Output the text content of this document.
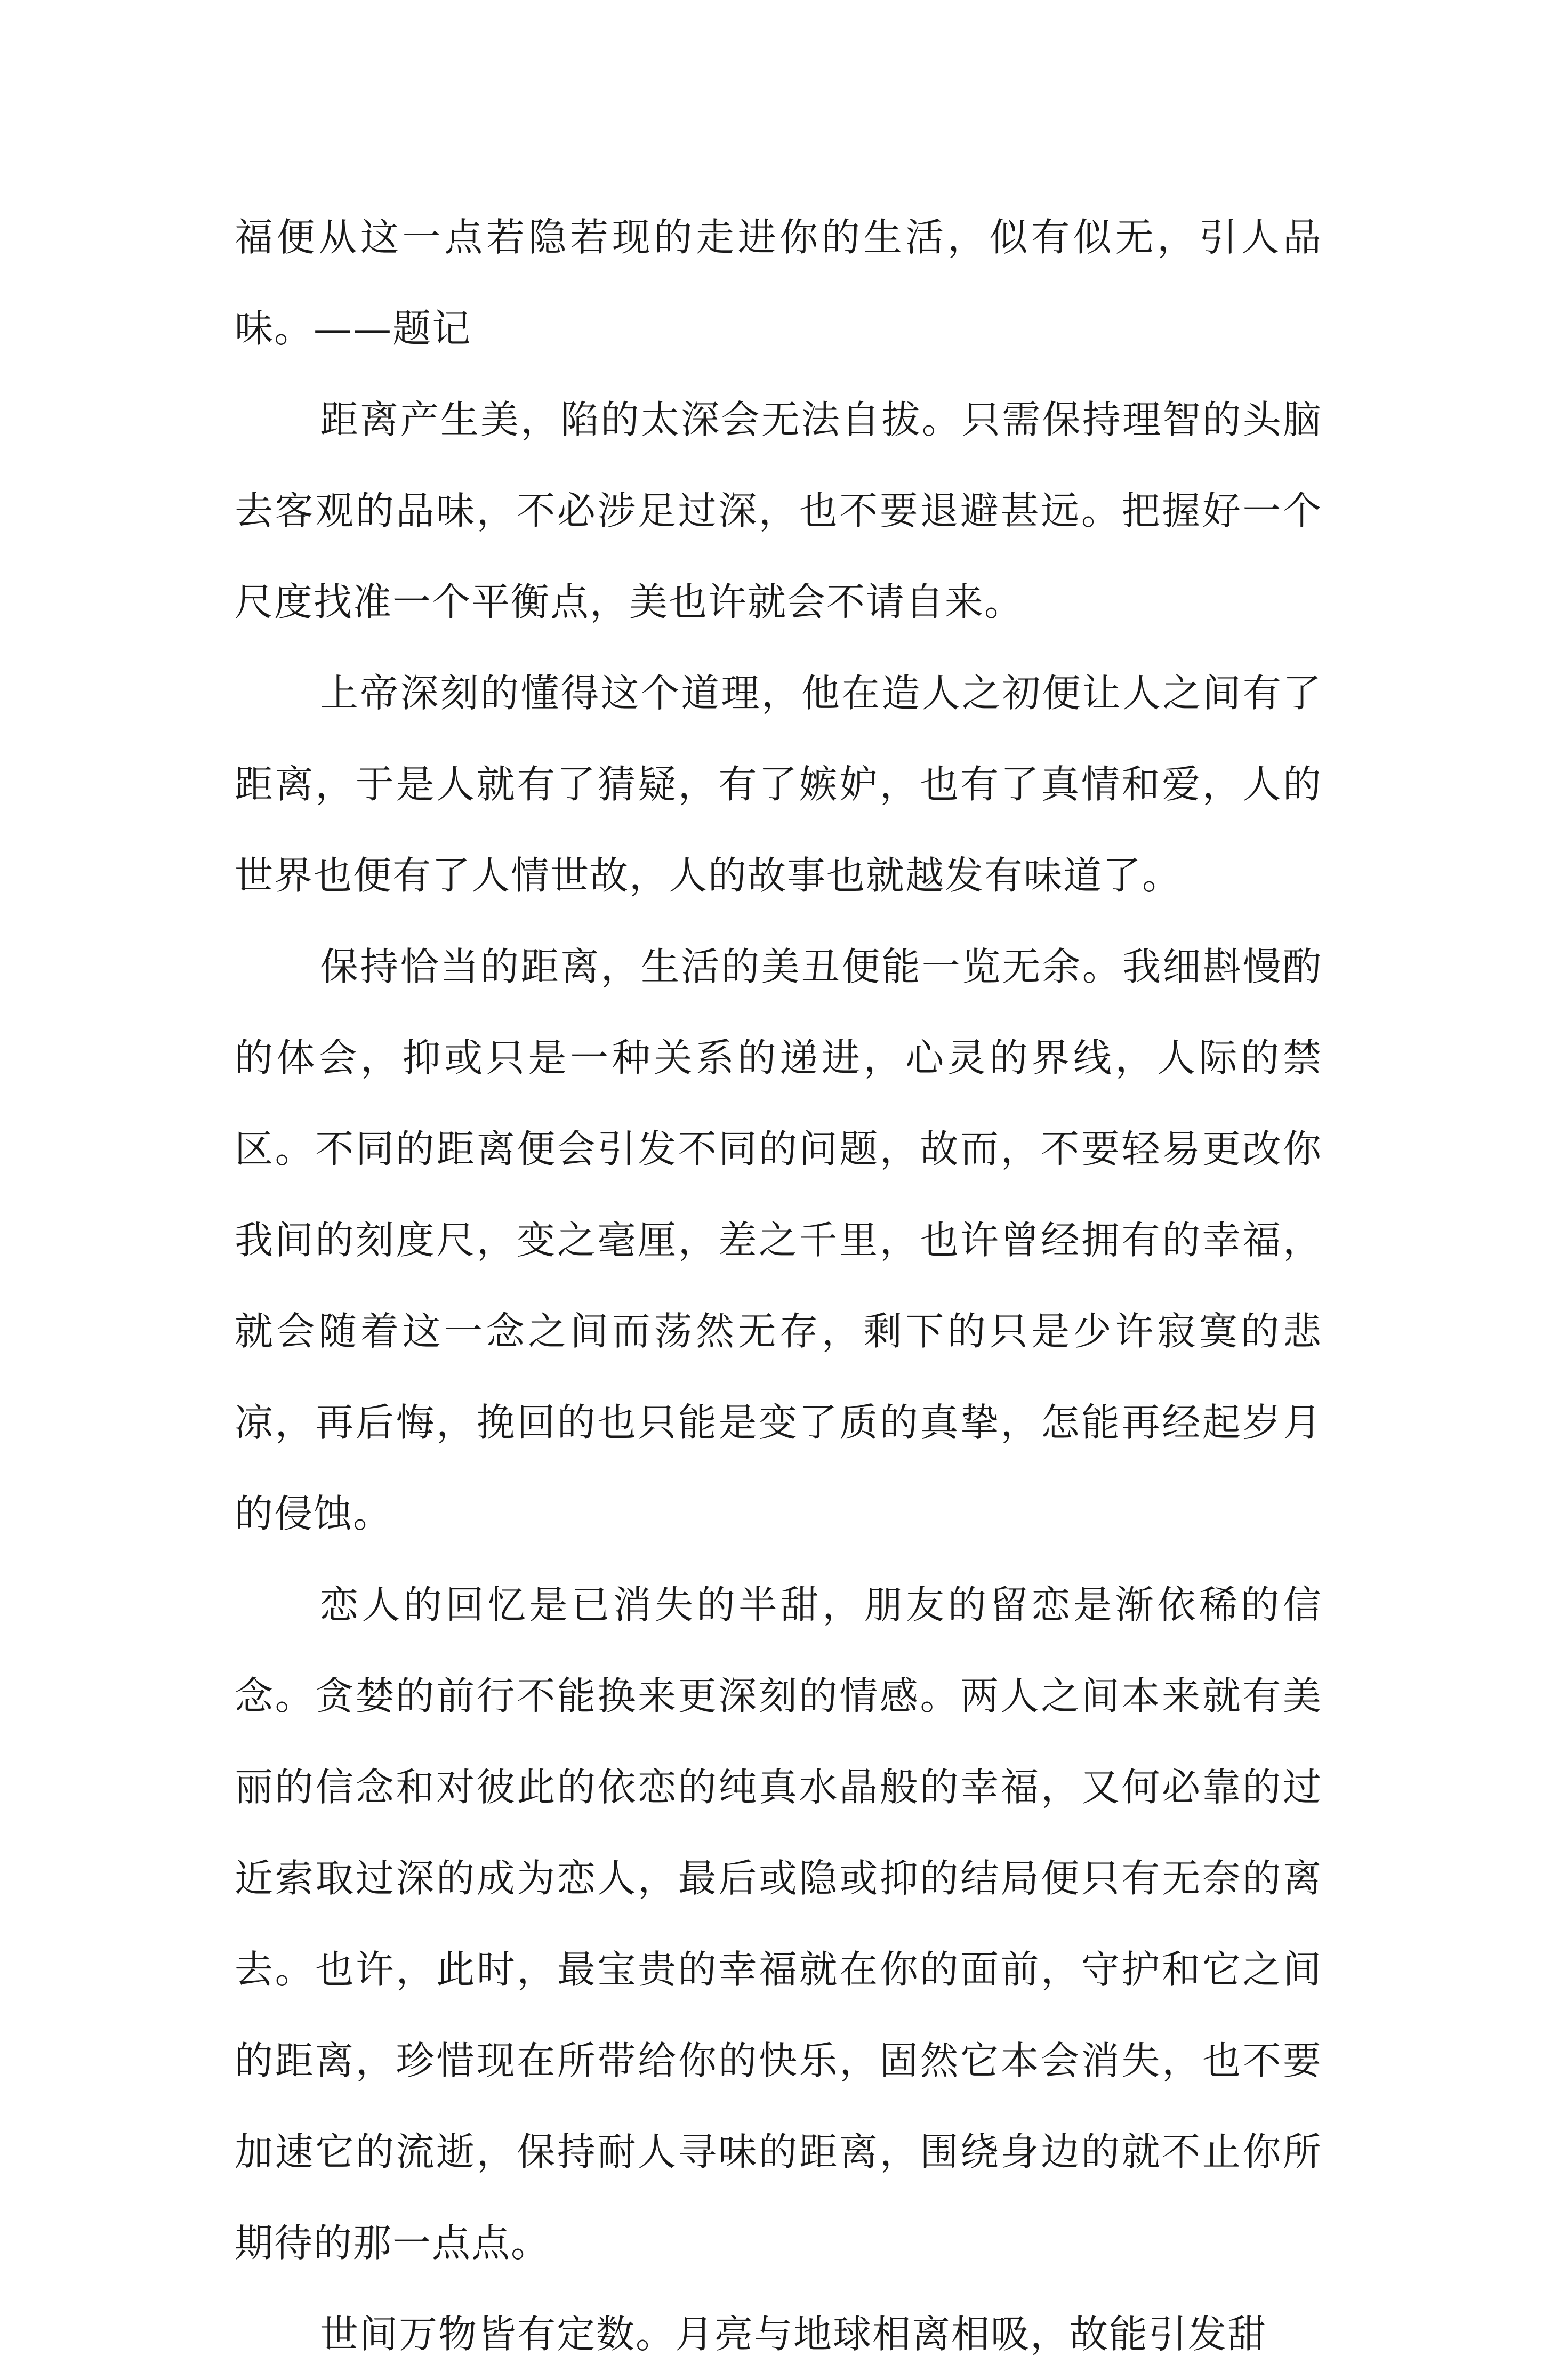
福便从这一点若隐若现的走进你的生活，似有似无，引人品味。——题记

距离产生美，陷的太深会无法自拔。只需保持理智的头脑去客观的品味，不必涉足过深，也不要退避甚远。把握好一个尺度找准一个平衡点，美也许就会不请自来。

上帝深刻的懂得这个道理，他在造人之初便让人之间有了距离，于是人就有了猜疑，有了嫉妒，也有了真情和爱，人的世界也便有了人情世故，人的故事也就越发有味道了。

保持恰当的距离，生活的美丑便能一览无余。我细斟慢酌的体会，抑或只是一种关系的递进，心灵的界线，人际的禁区。不同的距离便会引发不同的问题，故而，不要轻易更改你我间的刻度尺，变之毫厘，差之千里，也许曾经拥有的幸福，就会随着这一念之间而荡然无存，剩下的只是少许寂寞的悲凉，再后悔，挽回的也只能是变了质的真挚，怎能再经起岁月的侵蚀。

恋人的回忆是已消失的半甜，朋友的留恋是渐依稀的信念。贪婪的前行不能换来更深刻的情感。两人之间本来就有美丽的信念和对彼此的依恋的纯真水晶般的幸福，又何必靠的过近索取过深的成为恋人，最后或隐或抑的结局便只有无奈的离去。也许，此时，最宝贵的幸福就在你的面前，守护和它之间的距离，珍惜现在所带给你的快乐，固然它本会消失，也不要加速它的流逝，保持耐人寻味的距离，围绕身边的就不止你所期待的那一点点。

世间万物皆有定数。月亮与地球相离相吸，故能引发甜
